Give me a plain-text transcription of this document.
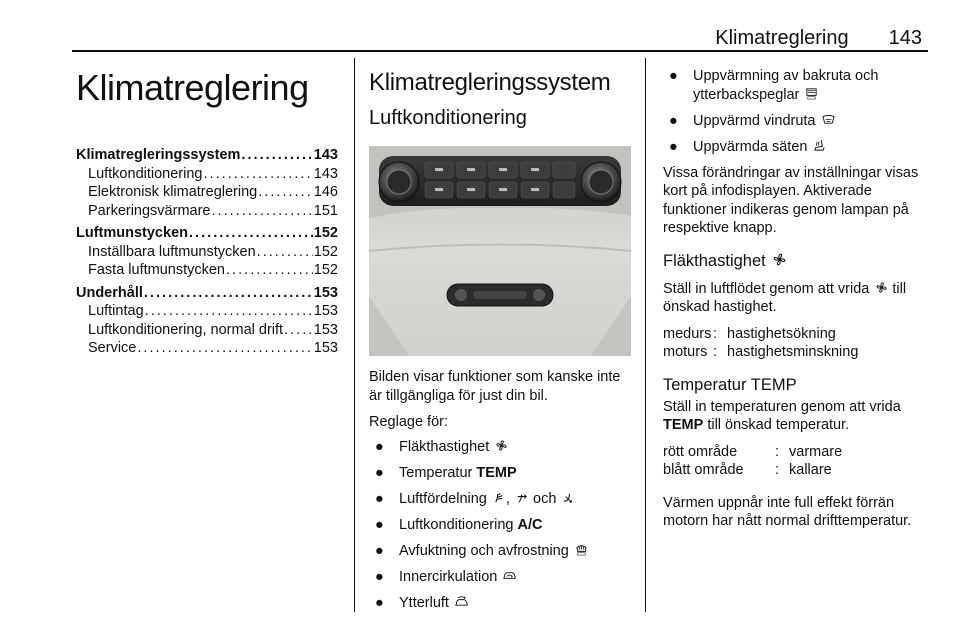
Klimatreglering 143
Klimatreglering
Klimatregleringssystem . . .	143
Luftkonditionering . . .	143
Elektronisk klimatreglering . . .	146
Parkeringsvärmare . . .	151
Luftmunstycken . . .	152
Inställbara luftmunstycken . . .	152
Fasta luftmunstycken . . .	152
Underhåll . . .	153
Luftintag . . .	153
Luftkonditionering, normal drift . . . 153
Service . . .	153
Klimatregleringssystem
Luftkonditionering

Bilden visar funktioner som kanske inte är tillgängliga för just din bil.

Reglage för:

● Fläkthastighet
● Temperatur TEMP
● Luftfördelning ,
och
● Luftkonditionering A/C
● Avfuktning och avfrostning
● Innercirkulation
● Ytterluft
● Uppvärmning av bakruta och ytterbackspeglar
● Uppvärmd vindruta
● Uppvärmda säten

Vissa förändringar av inställningar visas kort på infodisplayen. Aktiverade funktioner indikeras genom lampan på respektive knapp.

Fläkthastighet

Ställ in luftflödet genom att vrida till önskad hastighet.

medurs : hastighetsökning
moturs : hastighetsminskning
Temperatur TEMP

Ställ in temperaturen genom att vrida TEMP till önskad temperatur.

rött område	: varmare
blått område	: kallare

Värmen uppnår inte full effekt förrän motorn har nått normal drifttemperatur.
